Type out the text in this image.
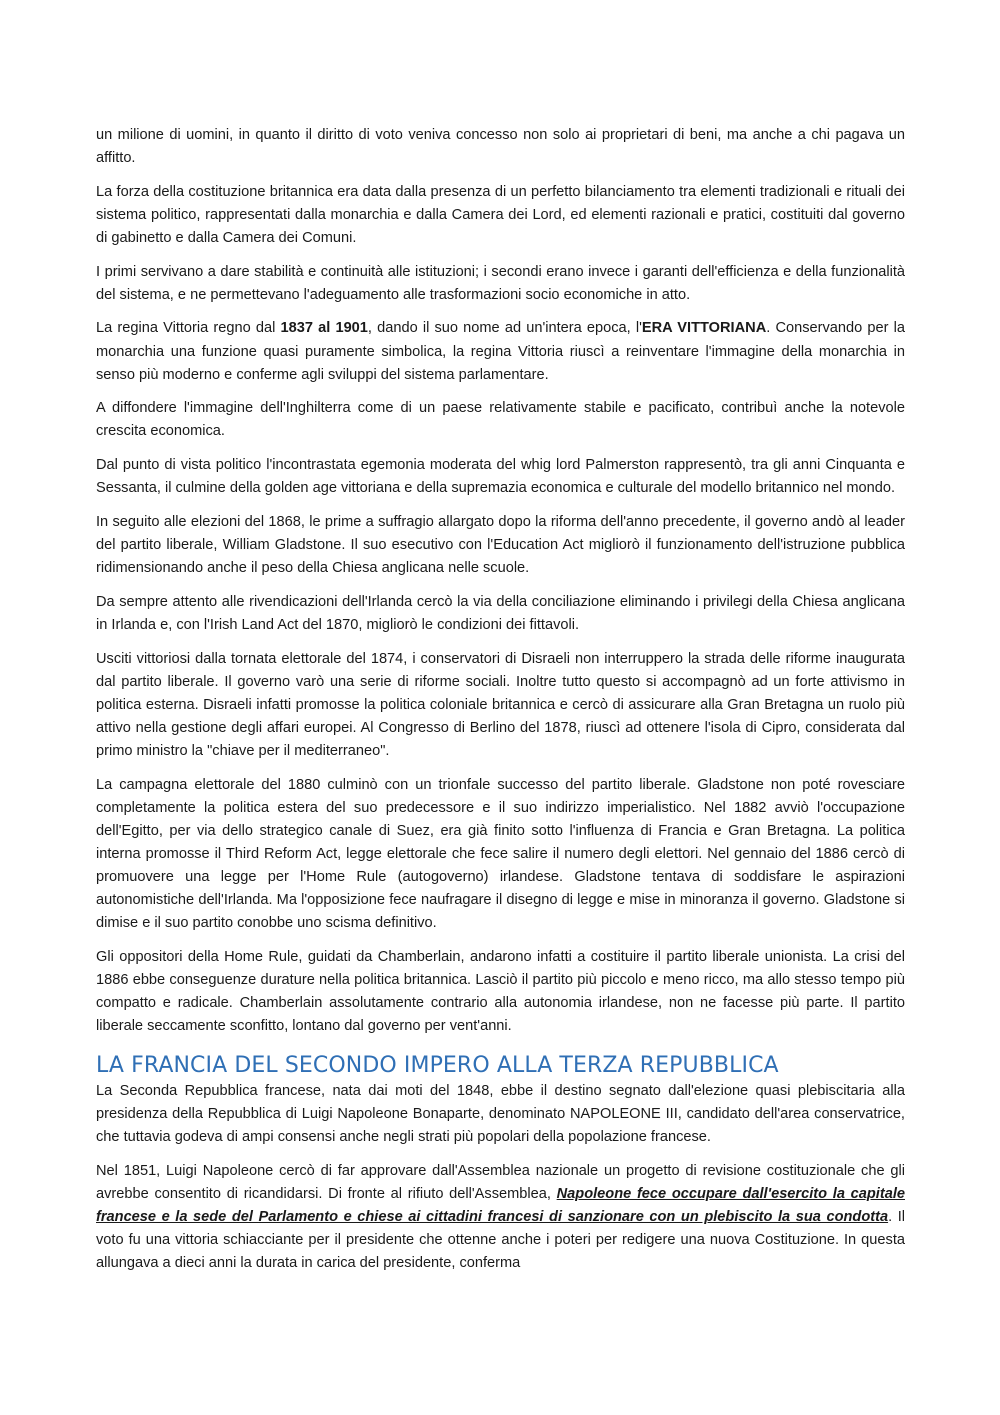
un milione di uomini, in quanto il diritto di voto veniva concesso non solo ai proprietari di beni, ma anche a chi pagava un affitto.

La forza della costituzione britannica era data dalla presenza di un perfetto bilanciamento tra elementi tradizionali e rituali dei sistema politico, rappresentati dalla monarchia e dalla Camera dei Lord, ed elementi razionali e pratici, costituiti dal governo di gabinetto e dalla Camera dei Comuni.

I primi servivano a dare stabilità e continuità alle istituzioni; i secondi erano invece i garanti dell'efficienza e della funzionalità del sistema, e ne permettevano l'adeguamento alle trasformazioni socio economiche in atto.

La regina Vittoria regno dal 1837 al 1901, dando il suo nome ad un'intera epoca, l'ERA VITTORIANA. Conservando per la monarchia una funzione quasi puramente simbolica, la regina Vittoria riuscì a reinventare l'immagine della monarchia in senso più moderno e conferme agli sviluppi del sistema parlamentare.

A diffondere l'immagine dell'Inghilterra come di un paese relativamente stabile e pacificato, contribuì anche la notevole crescita economica.

Dal punto di vista politico l'incontrastata egemonia moderata del whig lord Palmerston rappresentò, tra gli anni Cinquanta e Sessanta, il culmine della golden age vittoriana e della supremazia economica e culturale del modello britannico nel mondo.

In seguito alle elezioni del 1868, le prime a suffragio allargato dopo la riforma dell'anno precedente, il governo andò al leader del partito liberale, William Gladstone. Il suo esecutivo con l'Education Act migliorò il funzionamento dell'istruzione pubblica ridimensionando anche il peso della Chiesa anglicana nelle scuole.

Da sempre attento alle rivendicazioni dell'Irlanda cercò la via della conciliazione eliminando i privilegi della Chiesa anglicana in Irlanda e, con l'Irish Land Act del 1870, migliorò le condizioni dei fittavoli.

Usciti vittoriosi dalla tornata elettorale del 1874, i conservatori di Disraeli non interruppero la strada delle riforme inaugurata dal partito liberale. Il governo varò una serie di riforme sociali. Inoltre tutto questo si accompagnò ad un forte attivismo in politica esterna. Disraeli infatti promosse la politica coloniale britannica e cercò di assicurare alla Gran Bretagna un ruolo più attivo nella gestione degli affari europei. Al Congresso di Berlino del 1878, riuscì ad ottenere l'isola di Cipro, considerata dal primo ministro la "chiave per il mediterraneo".

La campagna elettorale del 1880 culminò con un trionfale successo del partito liberale. Gladstone non poté rovesciare completamente la politica estera del suo predecessore e il suo indirizzo imperialistico. Nel 1882 avviò l'occupazione dell'Egitto, per via dello strategico canale di Suez, era già finito sotto l'influenza di Francia e Gran Bretagna. La politica interna promosse il Third Reform Act, legge elettorale che fece salire il numero degli elettori. Nel gennaio del 1886 cercò di promuovere una legge per l'Home Rule (autogoverno) irlandese. Gladstone tentava di soddisfare le aspirazioni autonomistiche dell'Irlanda. Ma l'opposizione fece naufragare il disegno di legge e mise in minoranza il governo. Gladstone si dimise e il suo partito conobbe uno scisma definitivo.

Gli oppositori della Home Rule, guidati da Chamberlain, andarono infatti a costituire il partito liberale unionista. La crisi del 1886 ebbe conseguenze durature nella politica britannica. Lasciò il partito più piccolo e meno ricco, ma allo stesso tempo più compatto e radicale. Chamberlain assolutamente contrario alla autonomia irlandese, non ne facesse più parte. Il partito liberale seccamente sconfitto, lontano dal governo per vent'anni.

LA FRANCIA DEL SECONDO IMPERO ALLA TERZA REPUBBLICA

La Seconda Repubblica francese, nata dai moti del 1848, ebbe il destino segnato dall'elezione quasi plebiscitaria alla presidenza della Repubblica di Luigi Napoleone Bonaparte, denominato NAPOLEONE III, candidato dell'area conservatrice, che tuttavia godeva di ampi consensi anche negli strati più popolari della popolazione francese.

Nel 1851, Luigi Napoleone cercò di far approvare dall'Assemblea nazionale un progetto di revisione costituzionale che gli avrebbe consentito di ricandidarsi. Di fronte al rifiuto dell'Assemblea, Napoleone fece occupare dall'esercito la capitale francese e la sede del Parlamento e chiese ai cittadini francesi di sanzionare con un plebiscito la sua condotta. Il voto fu una vittoria schiacciante per il presidente che ottenne anche i poteri per redigere una nuova Costituzione. In questa allungava a dieci anni la durata in carica del presidente, conferma
